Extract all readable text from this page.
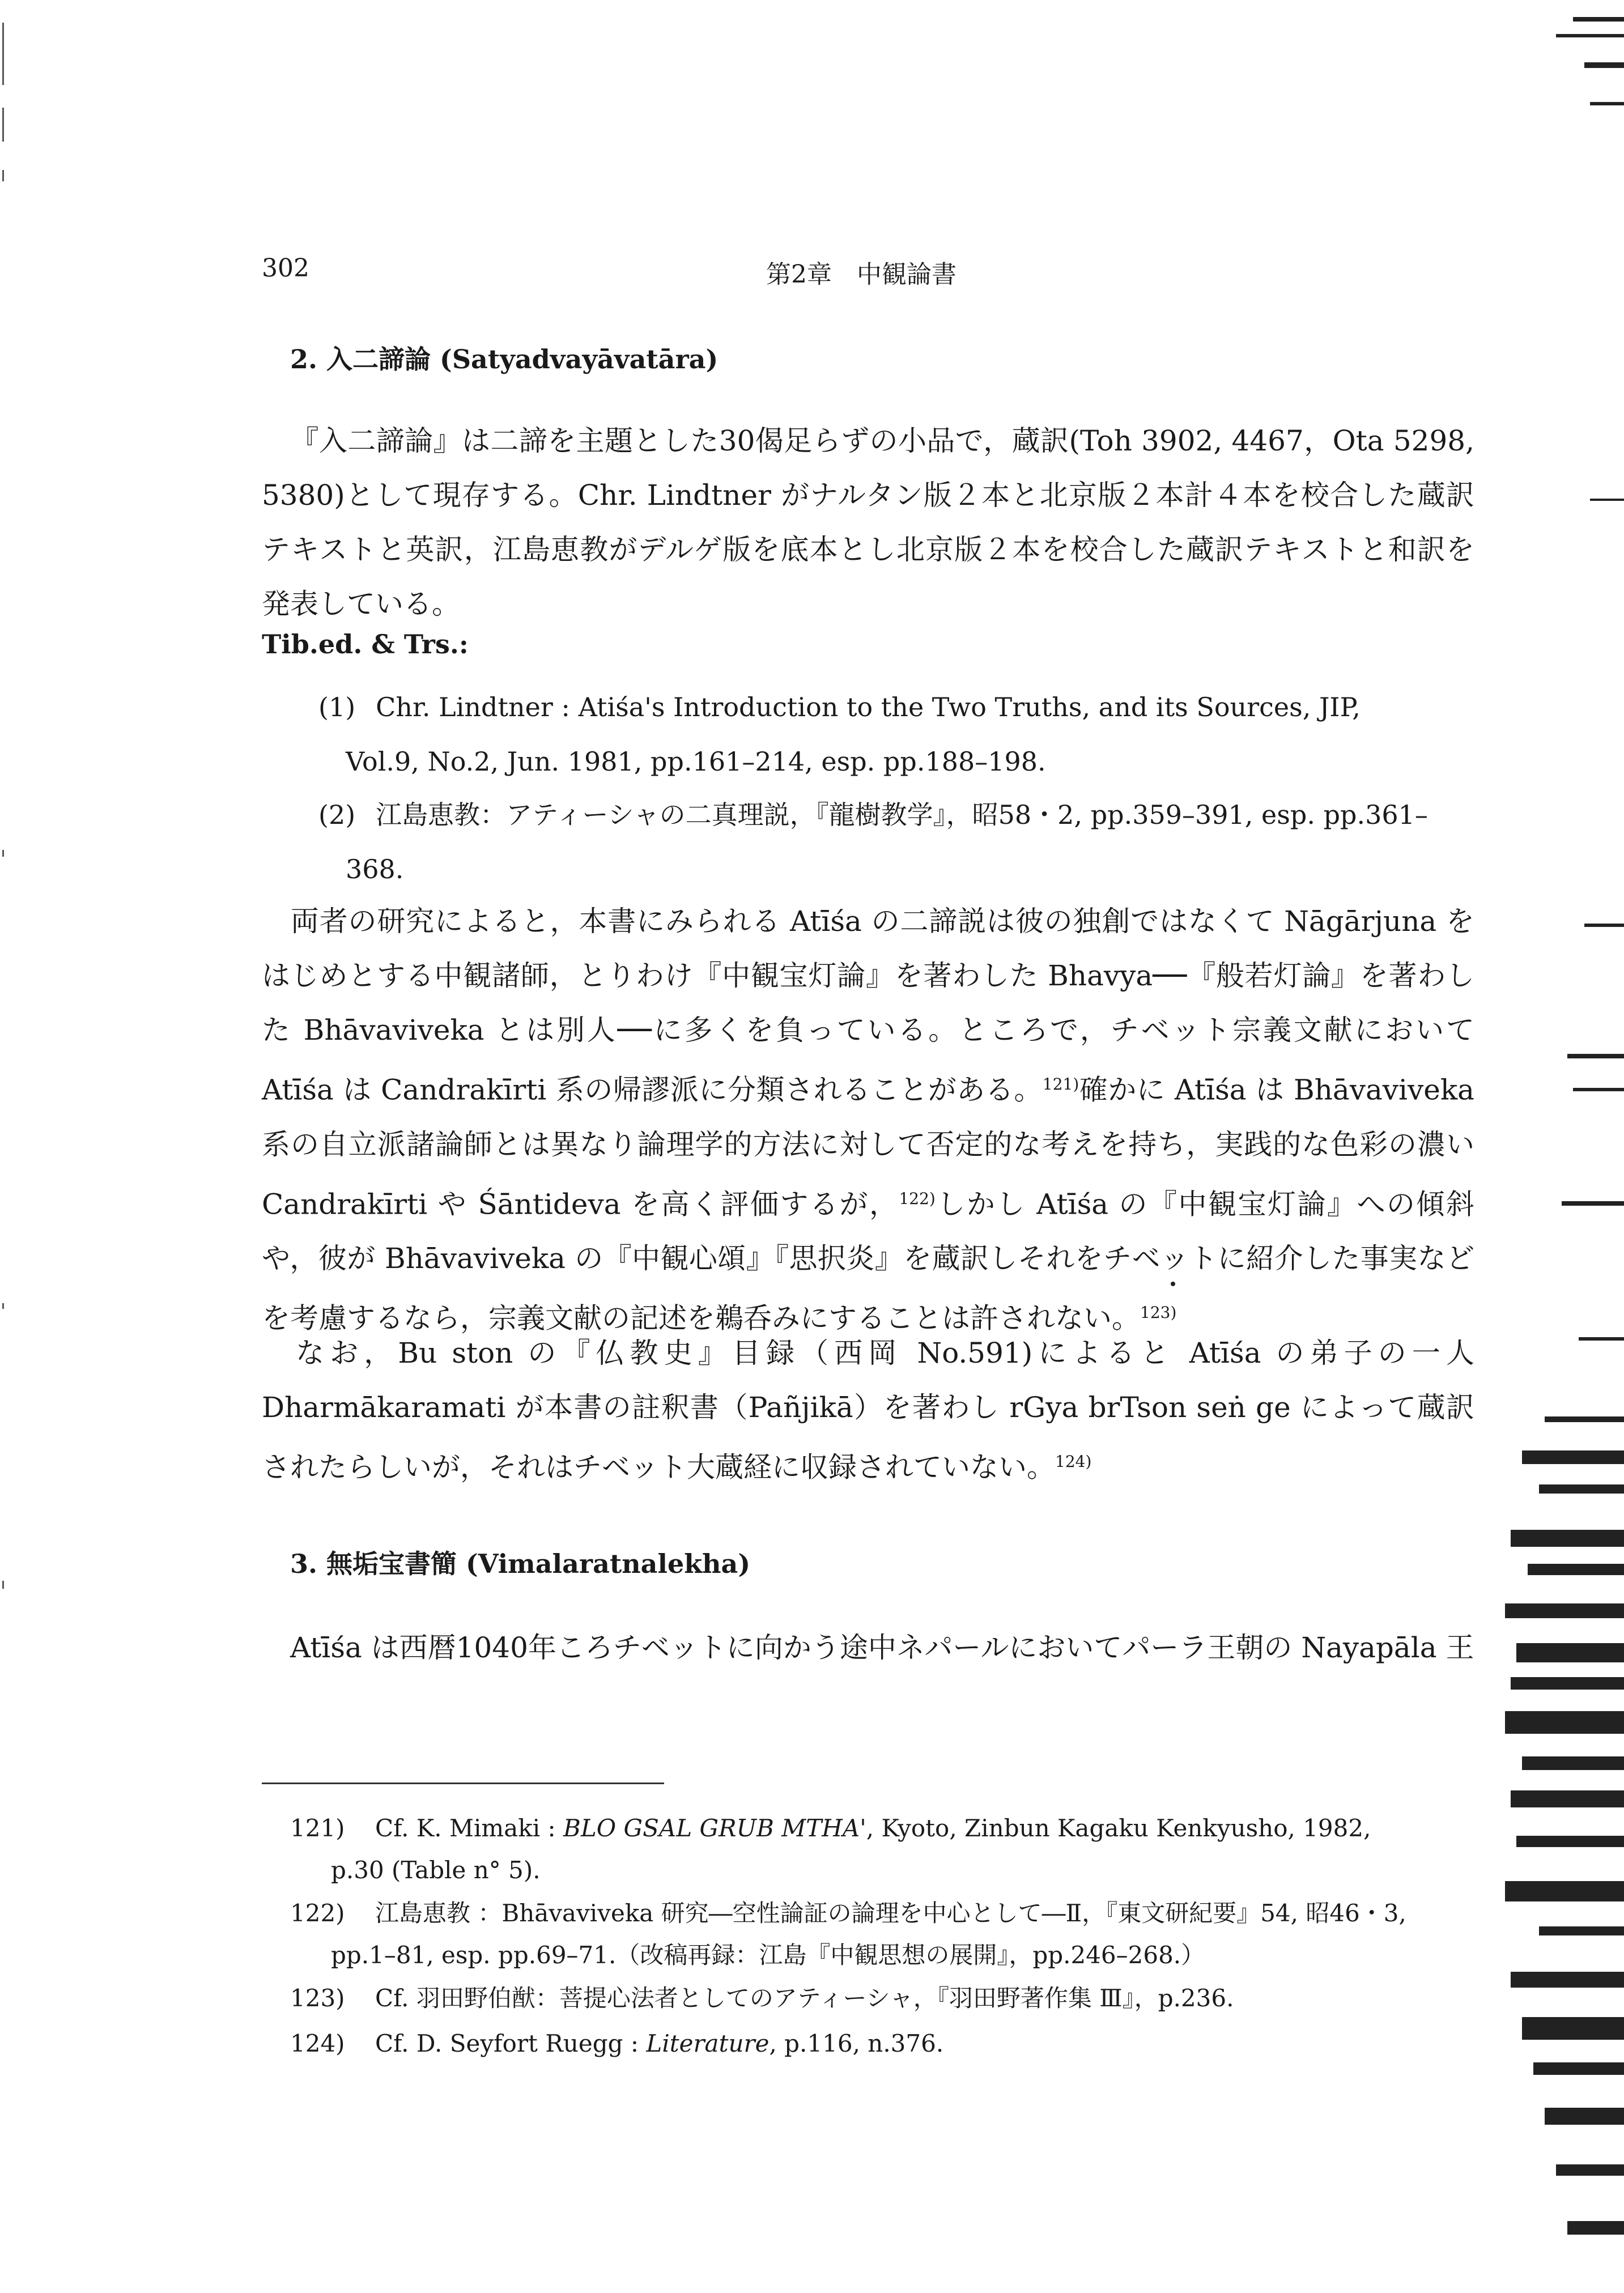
302	第2章　中観論書
2. 入二諦論 (Satyadvayāvatāra)
『入二諦論』は二諦を主題とした30偈足らずの小品で，蔵訳(Toh 3902, 4467，Ota 5298, 5380)として現存する。Chr. Lindtner がナルタン版２本と北京版２本計４本を校合した蔵訳テキストと英訳，江島恵教がデルゲ版を底本とし北京版２本を校合した蔵訳テキストと和訳を発表している。
Tib.ed. & Trs.:
(1) Chr. Lindtner : Atiśa's Introduction to the Two Truths, and its Sources, JIP,
Vol.9, No.2, Jun. 1981, pp.161–214, esp. pp.188–198.
(2) 江島恵教：アティーシャの二真理説，『龍樹教学』，昭58・2, pp.359–391, esp. pp.361–
368.
両者の研究によると，本書にみられる Atīśa の二諦説は彼の独創ではなくて Nāgārjuna をはじめとする中観諸師，とりわけ『中観宝灯論』を著わした Bhavya──『般若灯論』を著わした Bhāvaviveka とは別人──に多くを負っている。ところで，チベット宗義文献において Atīśa は Candrakīrti 系の帰謬派に分類されることがある。$^{121)}$確かに Atīśa は Bhāvaviveka 系の自立派諸論師とは異なり論理学的方法に対して否定的な考えを持ち，実践的な色彩の濃い Candrakīrti や Śāntideva を高く評価するが，$^{122)}$しかし Atīśa の『中観宝灯論』への傾斜や，彼が Bhāvaviveka の『中観心頌』『思択炎』を蔵訳しそれをチベットに紹介した事実などを考慮するなら，宗義文献の記述を鵜呑みにすることは許されない。$^{123)}$
なお，Bu ston の『仏教史』目録（西岡 No.591)によると Atīśa の弟子の一人 Dharmākaramati が本書の註釈書（Pañjikā）を著わし rGya brTson seṅ ge によって蔵訳されたらしいが，それはチベット大蔵経に収録されていない。$^{124)}$
3. 無垢宝書簡 (Vimalaratnalekha)
Atīśa は西暦1040年ころチベットに向かう途中ネパールにおいてパーラ王朝の Nayapāla 王
121) Cf. K. Mimaki : BLO GSAL GRUB MTHA', Kyoto, Zinbun Kagaku Kenkyusho, 1982,
p.30 (Table n° 5).
122) 江島恵教 ：Bhāvaviveka 研究―空性論証の論理を中心として―Ⅱ，『東文研紀要』54, 昭46・3,
pp.1–81, esp. pp.69–71.（改稿再録：江島『中観思想の展開』，pp.246–268.）
123) Cf. 羽田野伯猷：菩提心法者としてのアティーシャ，『羽田野著作集 Ⅲ』，p.236.
124) Cf. D. Seyfort Ruegg : Literature, p.116, n.376.
